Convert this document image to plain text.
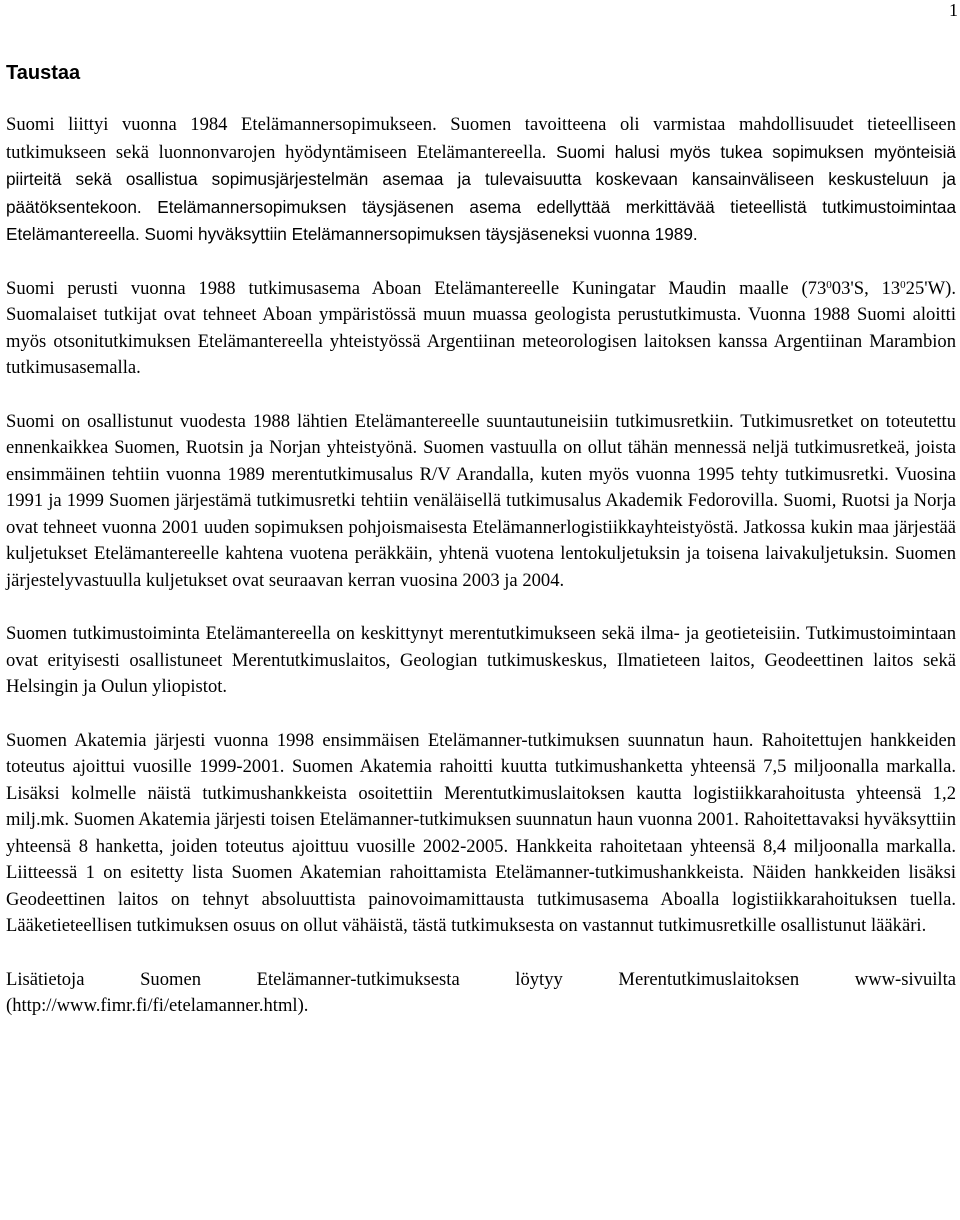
1
Taustaa

Suomi liittyi vuonna 1984 Etelämannersopimukseen. Suomen tavoitteena oli varmistaa mahdollisuudet tieteelliseen tutkimukseen sekä luonnonvarojen hyödyntämiseen Etelämantereella. Suomi halusi myös tukea sopimuksen myönteisiä piirteitä sekä osallistua sopimusjärjestelmän asemaa ja tulevaisuutta koskevaan kansainväliseen keskusteluun ja päätöksentekoon. Etelämannersopimuksen täysjäsenen asema edellyttää merkittävää tieteellistä tutkimustoimintaa Etelämantereella. Suomi hyväksyttiin Etelämannersopimuksen täysjäseneksi vuonna 1989.

Suomi perusti vuonna 1988 tutkimusasema Aboan Etelämantereelle Kuningatar Maudin maalle ($73^003'S$, $13^025'W$). Suomalaiset tutkijat ovat tehneet Aboan ympäristössä muun muassa geologista perustutkimusta. Vuonna 1988 Suomi aloitti myös otsonitutkimuksen Etelämantereella yhteistyössä Argentiinan meteorologisen laitoksen kanssa Argentiinan Marambion tutkimusasemalla.

Suomi on osallistunut vuodesta 1988 lähtien Etelämantereelle suuntautuneisiin tutkimusretkiin. Tutkimusretket on toteutettu ennenkaikkea Suomen, Ruotsin ja Norjan yhteistyönä. Suomen vastuulla on ollut tähän mennessä neljä tutkimusretkeä, joista ensimmäinen tehtiin vuonna 1989 merentutkimusalus R/V Arandalla, kuten myös vuonna 1995 tehty tutkimusretki. Vuosina 1991 ja 1999 Suomen järjestämä tutkimusretki tehtiin venäläisellä tutkimusalus Akademik Fedorovilla. Suomi, Ruotsi ja Norja ovat tehneet vuonna 2001 uuden sopimuksen pohjoismaisesta Etelämannerlogistiikkayhteistyöstä. Jatkossa kukin maa järjestää kuljetukset Etelämantereelle kahtena vuotena peräkkäin, yhtenä vuotena lentokuljetuksin ja toisena laivakuljetuksin. Suomen järjestelyvastuulla kuljetukset ovat seuraavan kerran vuosina 2003 ja 2004.

Suomen tutkimustoiminta Etelämantereella on keskittynyt merentutkimukseen sekä ilma- ja geotieteisiin. Tutkimustoimintaan ovat erityisesti osallistuneet Merentutkimuslaitos, Geologian tutkimuskeskus, Ilmatieteen laitos, Geodeettinen laitos sekä Helsingin ja Oulun yliopistot.

Suomen Akatemia järjesti vuonna 1998 ensimmäisen Etelämanner-tutkimuksen suunnatun haun. Rahoitettujen hankkeiden toteutus ajoittui vuosille 1999-2001. Suomen Akatemia rahoitti kuutta tutkimushanketta yhteensä 7,5 miljoonalla markalla. Lisäksi kolmelle näistä tutkimushankkeista osoitettiin Merentutkimuslaitoksen kautta logistiikkarahoitusta yhteensä 1,2 milj.mk. Suomen Akatemia järjesti toisen Etelämanner-tutkimuksen suunnatun haun vuonna 2001. Rahoitettavaksi hyväksyttiin yhteensä 8 hanketta, joiden toteutus ajoittuu vuosille 2002-2005. Hankkeita rahoitetaan yhteensä 8,4 miljoonalla markalla. Liitteessä 1 on esitetty lista Suomen Akatemian rahoittamista Etelämanner-tutkimushankkeista. Näiden hankkeiden lisäksi Geodeettinen laitos on tehnyt absoluuttista painovoimamittausta tutkimusasema Aboalla logistiikkarahoituksen tuella. Lääketieteellisen tutkimuksen osuus on ollut vähäistä, tästä tutkimuksesta on vastannut tutkimusretkille osallistunut lääkäri.

Lisätietoja Suomen Etelämanner-tutkimuksesta löytyy Merentutkimuslaitoksen www-sivuilta (http://www.fimr.fi/fi/etelamanner.html).
